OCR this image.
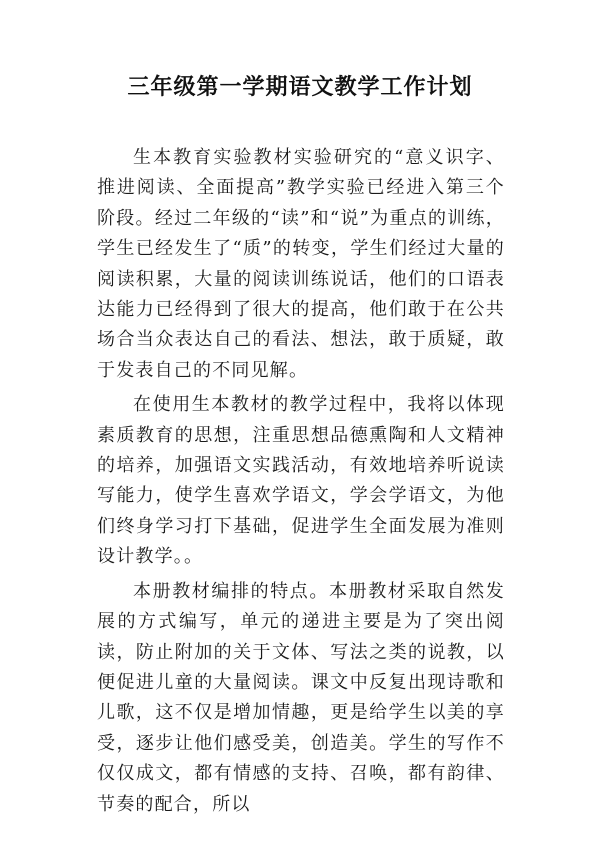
三年级第一学期语文教学工作计划

生本教育实验教材实验研究的“意义识字、推进阅读、全面提高”教学实验已经进入第三个阶段。经过二年级的“读”和“说”为重点的训练，学生已经发生了“质”的转变，学生们经过大量的阅读积累，大量的阅读训练说话，他们的口语表达能力已经得到了很大的提高，他们敢于在公共场合当众表达自己的看法、想法，敢于质疑，敢于发表自己的不同见解。

在使用生本教材的教学过程中，我将以体现素质教育的思想，注重思想品德熏陶和人文精神的培养，加强语文实践活动，有效地培养听说读写能力，使学生喜欢学语文，学会学语文，为他们终身学习打下基础，促进学生全面发展为准则设计教学。。

本册教材编排的特点。本册教材采取自然发展的方式编写，单元的递进主要是为了突出阅读，防止附加的关于文体、写法之类的说教，以便促进儿童的大量阅读。课文中反复出现诗歌和儿歌，这不仅是增加情趣，更是给学生以美的享受，逐步让他们感受美，创造美。学生的写作不仅仅成文，都有情感的支持、召唤，都有韵律、节奏的配合，所以
